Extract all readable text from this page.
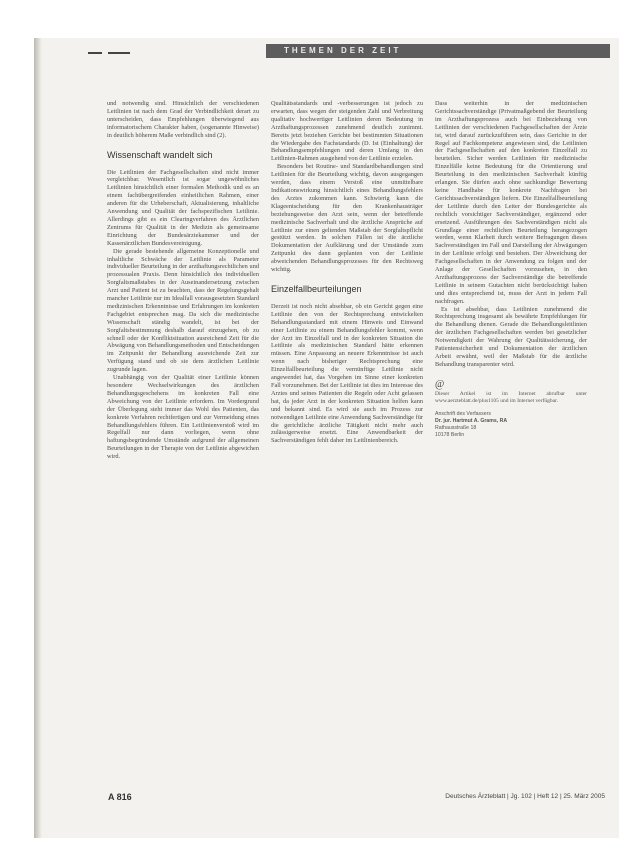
THEMEN DER ZEIT

und notwendig sind. Hinsichtlich der verschiedenen Leitlinien ist nach dem Grad der Verbindlichkeit derart zu unterscheiden, dass Empfehlungen überwiegend aus informatorischem Charakter haben, (sogenannte Hinweise) in deutlich höherem Maße verbindlich sind (2).

Wissenschaft wandelt sich

Die Leitlinien der Fachgesellschaften sind nicht immer vergleichbar. Wesentlich ist sogar ungewöhnliches Leitlinien hinsichtlich einer formalen Methodik und es an einem fachübergreifenden einheitlichen Rahmen, einer anderen für die Urheberschaft, Aktualisierung, inhaltliche Anwendung und Qualität der fachspezifischen Leitlinie. Allerdings gibt es ein Clearingverfahren des Ärztlichen Zentrums für Qualität in der Medizin als gemeinsame Einrichtung der Bundesärztekammer und der Kassenärztlichen Bundesvereinigung.

Die gerade bestehende allgemeine Konzeptionelle und inhaltliche Schwäche der Leitlinie als Parameter individueller Beurteilung in der arzthaftungsrechtlichen und prozessualen Praxis. Denn hinsichtlich des individuellen Sorgfaltsmaßstabes in der Auseinandersetzung zwischen Arzt und Patient ist zu beachten, dass der Regelungsgehalt mancher Leitlinie nur im Idealfall vorausgesetzten Standard medizinischen Erkenntnisse und Erfahrungen im konkreten Fachgebiet entsprechen mag. Da sich die medizinische Wissenschaft ständig wandelt, ist bei der Sorgfaltsbestimmung deshalb darauf einzugehen, ob zu schnell oder der Konfliktsituation ausreichend Zeit für die Abwägung von Behandlungsmethoden und Entscheidungen im Zeitpunkt der Behandlung ausreichende Zeit zur Verfügung stand und ob sie dem ärztlichen Leitlinie zugrunde lagen.

Unabhängig von der Qualität einer Leitlinie können besondere Wechselwirkungen des ärztlichen Behandlungsgeschehens im konkreten Fall eine Abweichung von der Leitlinie erfordern. Im Vordergrund der Überlegung steht immer das Wohl des Patienten, das konkrete Verfahren rechtfertigen und zur Vermeidung eines Behandlungsfehlers führen. Ein Leitlinienverstoß wird im Regelfall nur dann vorliegen, wenn ohne haftungsbegründende Umstände aufgrund der allgemeinen Beurteilungen in der Therapie von der Leitlinie abgewichen wird.

Qualitätsstandards und -verbesserungen ist jedoch zu erwarten, dass wegen der steigenden Zahl und Verbreitung qualitativ hochwertiger Leitlinien deren Bedeutung in Arzthaftungsprozessen zunehmend deutlich zunimmt. Bereits jetzt beziehen Gerichte bei bestimmten Situationen die Wiedergabe des Fachstandards (D. Ist (Einhaltung) der Behandlungsempfehlungen und deren Umfang in den Leitlinien-Rahmen ausgehend von der Leitlinie erzielen.

Besonders bei Routine- und Standardbehandlungen sind Leitlinien für die Beurteilung wichtig, davon ausgegangen werden, dass einem Verstoß eine unmittelbare Indikationswirkung hinsichtlich eines Behandlungsfehlers des Arztes zukommen kann. Schwierig kann die Klageentscheidung für den Krankenhausträger beziehungsweise den Arzt sein, wenn der betreffende medizinische Sachverhalt und die ärztliche Ansprüche auf Leitlinie zur einen geltenden Maßstab der Sorgfaltspflicht gestützt werden. In solchen Fällen ist die ärztliche Dokumentation der Aufklärung und der Umstände zum Zeitpunkt des dann geplanten von der Leitlinie abweichenden Behandlungsprozesses für den Rechtsweg wichtig.

Einzelfallbeurteilungen

Derzeit ist noch nicht absehbar, ob ein Gericht gegen eine Leitlinie den von der Rechtsprechung entwickelten Behandlungsstandard mit einem Hinweis und Einwand einer Leitlinie zu einem Behandlungsfehler kommt, wenn der Arzt im Einzelfall und in der konkreten Situation die Leitlinie als medizinischen Standard hätte erkennen müssen. Eine Anpassung an neuere Erkenntnisse ist auch wenn nach bisheriger Rechtsprechung eine Einzelfallbeurteilung die vernünftige Leitlinie nicht angewendet hat, das Vorgehen im Sinne einer konkreten Fall vorzunehmen. Bei der Leitlinie ist dies im Interesse des Arztes und seines Patienten die Regeln oder Acht gelassen hat, da jeder Arzt in der konkreten Situation helfen kann und bekannt sind. Es wird sie auch im Prozess zur notwendigen Leitlinie eine Anwendung Sachverständige für die gerichtliche ärztliche Tätigkeit nicht mehr auch zulässigerweise ersetzt. Eine Anwendbarkeit der Sachverständigen fehlt daher im Leitlinienbereich.

Dass weiterhin in der medizinischen Gerichtssachverständige (Privatmaßgebend der Beurteilung im Arzthaftungsprozess auch bei Einbeziehung von Leitlinien der verschiedenen Fachgesellschaften der Ärzte ist, wird darauf zurückzuführen sein, dass Gerichte in der Regel auf Fachkompetenz angewiesen sind, die Leitlinien der Fachgesellschaften auf den konkreten Einzelfall zu beurteilen. Sicher werden Leitlinien für medizinische Einzelfälle keine Bedeutung für die Orientierung und Beurteilung in den medizinischen Sachverhalt künftig erlangen. Sie dürfen auch ohne sachkundige Bewertung keine Handhabe für konkrete Nachfragen bei Gerichtssachverständigen liefern. Die Einzelfallbeurteilung der Leitlinie durch den Leiter der Bundesgerichte als rechtlich vorsichtiger Sachverständiger, ergänzend oder ersetzend. Ausführungen des Sachverständigen nicht als Grundlage einer rechtlichen Beurteilung herangezogen werden, wenn Klarheit durch weitere Befragungen dieses Sachverständigen im Fall und Darstellung der Abwägungen in der Leitlinie erfolgt und bestehen. Der Abweichung der Fachgesellschaften in der Anwendung zu folgen und der Anlage der Gesellschaften vorzusehen, in den Arzthaftungsprozess der Sachverständige die betreffende Leitlinie in seinem Gutachten nicht berücksichtigt haben und dies entsprechend ist, muss der Arzt in jedem Fall nachfragen.

Es ist absehbar, dass Leitlinien zunehmend die Rechtsprechung insgesamt als bewährte Empfehlungen für die Behandlung dienen. Gerade die Behandlungsleitlinien der ärztlichen Fachgesellschaften werden bei gesetzlicher Notwendigkeit der Wahrung der Qualitätssicherung, der Patientensicherheit und Dokumentation der ärztlichen Arbeit erwähnt, weil der Maßstab für die ärztliche Behandlung transparenter wird.

@
Dieser Artikel ist im Internet abrufbar unter www.aerzteblatt.de/plus1105 und im Internet verfügbar.
Anschrift des Verfassers
Dr. jur. Hartmut A. Grams, RA
Rathausstraße 18
10178 Berlin
A 816	Deutsches Ärzteblatt | Jg. 102 | Heft 12 | 25. März 2005
